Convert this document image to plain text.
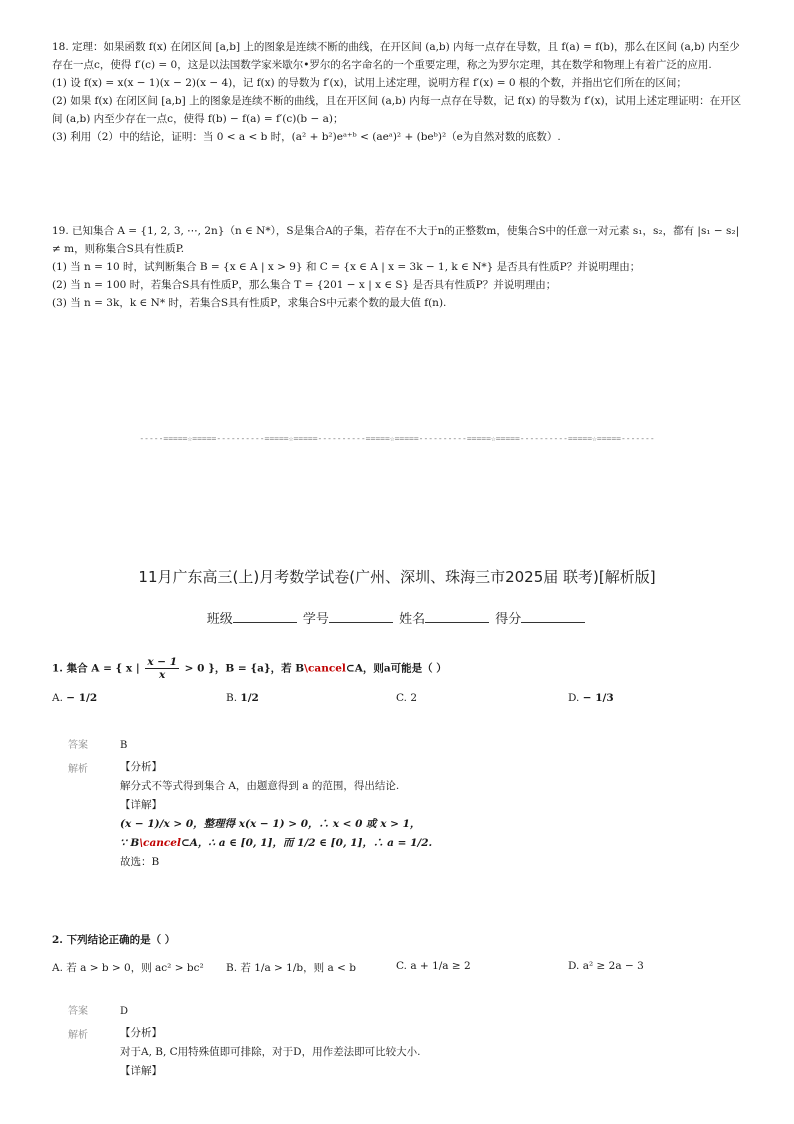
18. 定理：如果函数 f(x) 在闭区间 [a,b] 上的图象是连续不断的曲线，在开区间 (a,b) 内每一点存在导数，且 f(a) = f(b)，那么在区间 (a,b) 内至少存在一点c，使得 f′(c) = 0，这是以法国数学家米歇尔•罗尔的名字命名的一个重要定理，称之为罗尔定理，其在数学和物理上有着广泛的应用.

(1) 设 f(x) = x(x − 1)(x − 2)(x − 4)，记 f(x) 的导数为 f′(x)，试用上述定理，说明方程 f′(x) = 0 根的个数，并指出它们所在的区间；

(2) 如果 f(x) 在闭区间 [a,b] 上的图象是连续不断的曲线，且在开区间 (a,b) 内每一点存在导数，记 f(x) 的导数为 f′(x)，试用上述定理证明：在开区间 (a,b) 内至少存在一点c，使得 f(b) − f(a) = f′(c)(b − a)；

(3) 利用（2）中的结论，证明：当 0 < a < b 时，(a² + b²)eᵃ⁺ᵇ < (aeᵃ)² + (beᵇ)²（e为自然对数的底数）.

19. 已知集合 A = {1, 2, 3, ⋯, 2n}（n ∈ N*），S是集合A的子集，若存在不大于n的正整数m，使集合S中的任意一对元素 s₁，s₂，都有 |s₁ − s₂| ≠ m，则称集合S具有性质P.

(1) 当 n = 10 时，试判断集合 B = {x ∈ A | x > 9} 和 C = {x ∈ A | x = 3k − 1, k ∈ N*} 是否具有性质P？并说明理由；

(2) 当 n = 100 时，若集合S具有性质P，那么集合 T = {201 − x | x ∈ S} 是否具有性质P？并说明理由；

(3) 当 n = 3k，k ∈ N* 时，若集合S具有性质P，求集合S中元素个数的最大值 f(n).

-----=====☆=====----------=====☆=====----------=====☆=====----------=====☆=====----------=====☆=====-------
11月广东高三(上)月考数学试卷(广州、深圳、珠海三市2025届 联考)[解析版]
班级	学号	姓名	得分
1. 集合 A = { x | $\frac{x - 1}{x} > 0$ }，B = {a}，若 B\cancel⊂A，则a可能是（ ）
A. − 1/2	B. 1/2	C. 2	D. − 1/3
答案	B
解析	【分析】
解分式不等式得到集合 A，由题意得到 a 的范围，得出结论.
【详解】
(x − 1)/x > 0，整理得 x(x − 1) > 0，∴ x < 0 或 x > 1，
∵ B\cancel⊂A，∴ a ∈ [0, 1]，而 1/2 ∈ [0, 1]，∴ a = 1/2.
故选：B
2. 下列结论正确的是（ ）
A. 若 a > b > 0，则 ac² > bc² B. 若 1/a > 1/b，则 a < b	C. a + 1/a ≥ 2	D. a² ≥ 2a − 3
答案	D
解析	【分析】
对于A, B, C用特殊值即可排除，对于D，用作差法即可比较大小.
【详解】
